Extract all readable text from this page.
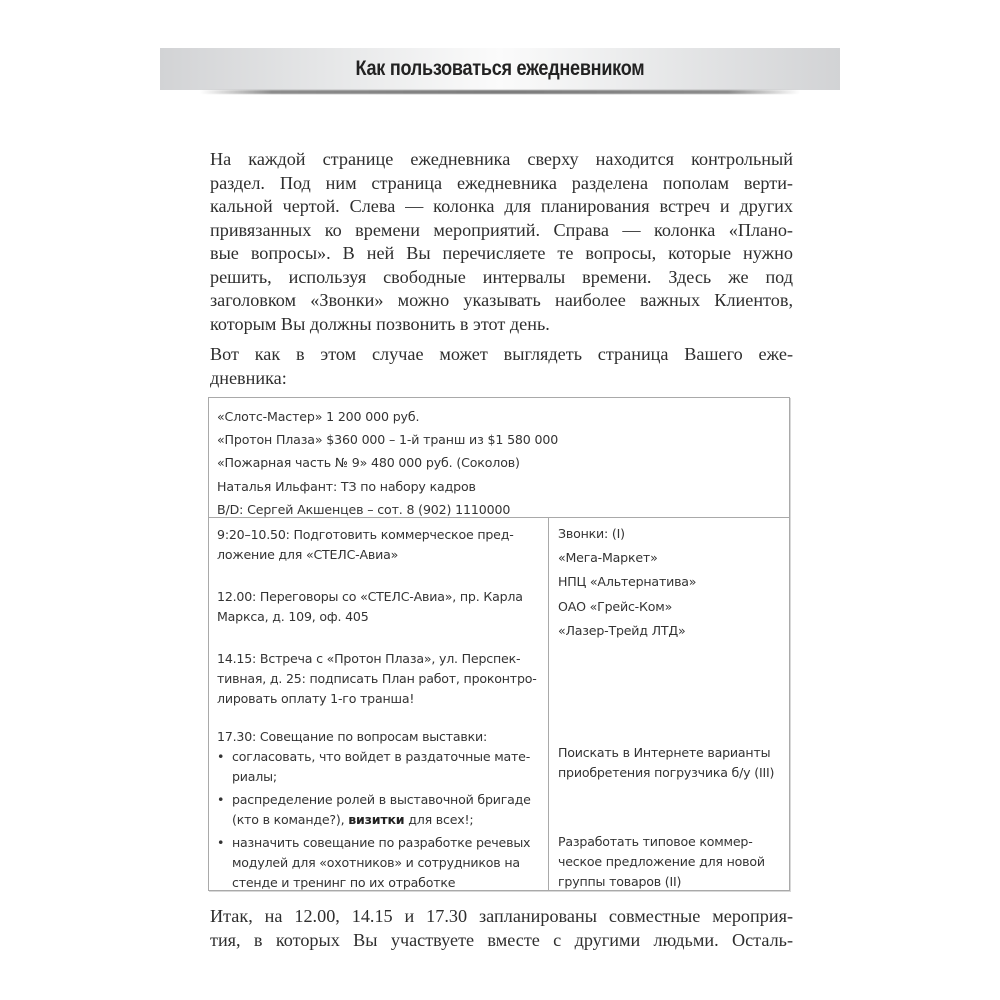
Как пользоваться ежедневником

На каждой странице ежедневника сверху находится контрольный
раздел. Под ним страница ежедневника разделена пополам верти-
кальной чертой. Слева — колонка для планирования встреч и других
привязанных ко времени мероприятий. Справа — колонка «Плано-
вые вопросы». В ней Вы перечисляете те вопросы, которые нужно
решить, используя свободные интервалы времени. Здесь же под
заголовком «Звонки» можно указывать наиболее важных Клиентов,
которым Вы должны позвонить в этот день.

Вот как в этом случае может выглядеть страница Вашего еже-
дневника:

«Слотс-Мастер» 1 200 000 руб.
«Протон Плаза» $360 000 – 1-й транш из $1 580 000
«Пожарная часть № 9» 480 000 руб. (Соколов)
Наталья Ильфант: ТЗ по набору кадров
B/D: Сергей Акшенцев – сот. 8 (902) 1110000
9:20–10.50: Подготовить коммерческое пред-
ложение для «СТЕЛС-Авиа»
12.00: Переговоры со «СТЕЛС-Авиа», пр. Карла
Маркса, д. 109, оф. 405
14.15: Встреча с «Протон Плаза», ул. Перспек-
тивная, д. 25: подписать План работ, проконтро-
лировать оплату 1-го транша!
17.30: Совещание по вопросам выставки:
• согласовать, что войдет в раздаточные мате-
риалы;
• распределение ролей в выставочной бригаде
(кто в команде?), визитки для всех!;
• назначить совещание по разработке речевых
модулей для «охотников» и сотрудников на
стенде и тренинг по их отработке
Звонки: (I)
«Мега-Маркет»
НПЦ «Альтернатива»
ОАО «Грейс-Ком»
«Лазер-Трейд ЛТД»
Поискать в Интернете варианты
приобретения погрузчика б/у (III)
Разработать типовое коммер-
ческое предложение для новой
группы товаров (II)

Итак, на 12.00, 14.15 и 17.30 запланированы совместные мероприя-
тия, в которых Вы участвуете вместе с другими людьми. Осталь-
